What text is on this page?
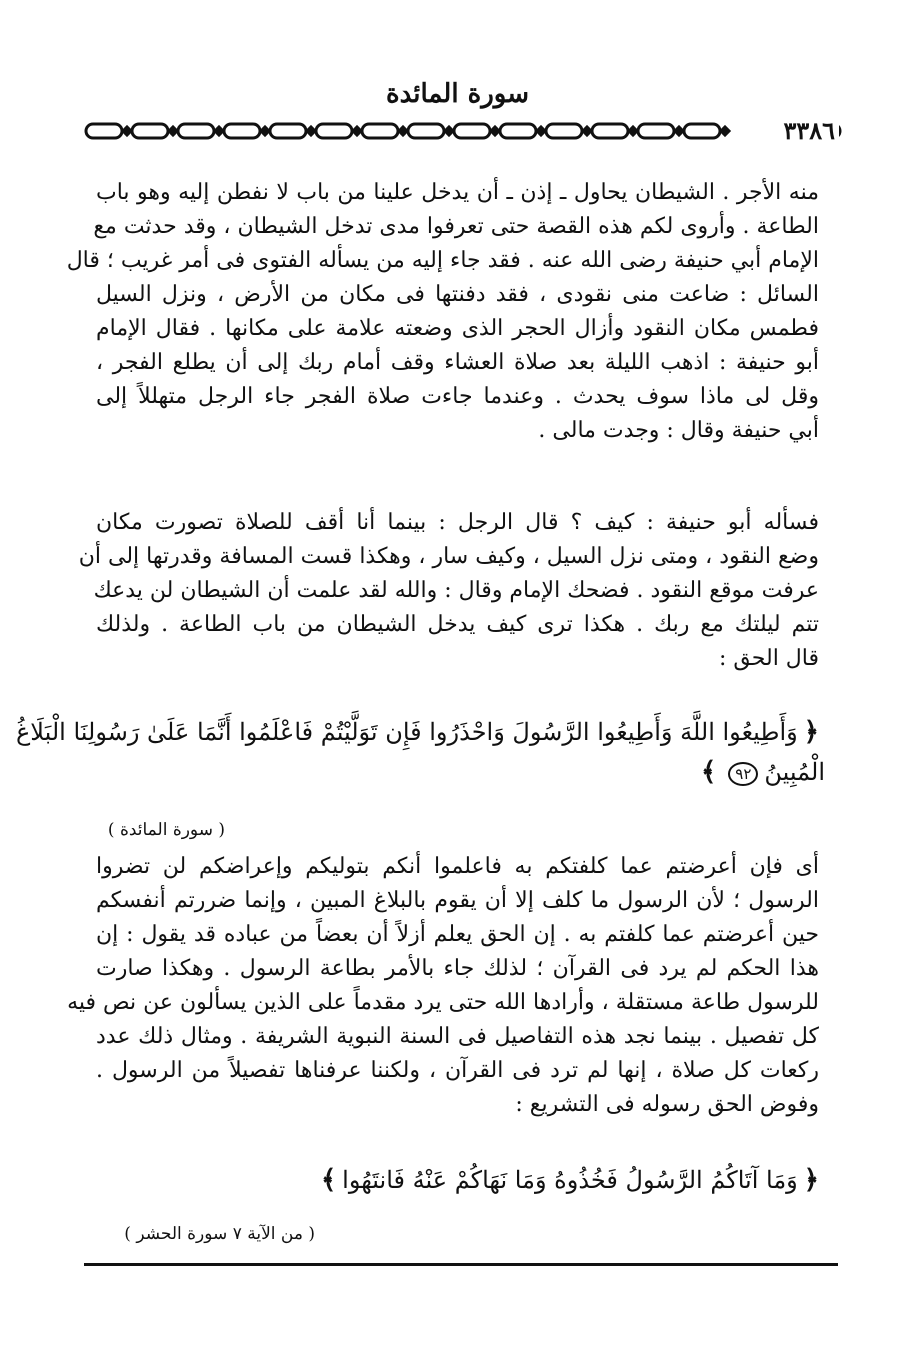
سورة المائدة
٣٣٨٦
منه الأجر . الشيطان يحاول ـ إذن ـ أن يدخل علينا من باب لا نفطن إليه وهو باب
الطاعة . وأروى لكم هذه القصة حتى تعرفوا مدى تدخل الشيطان ، وقد حدثت مع
الإمام أبي حنيفة رضى الله عنه . فقد جاء إليه من يسأله الفتوى فى أمر غريب ؛ قال
السائل : ضاعت منى نقودى ، فقد دفنتها فى مكان من الأرض ، ونزل السيل
فطمس مكان النقود وأزال الحجر الذى وضعته علامة على مكانها . فقال الإمام
أبو حنيفة : اذهب الليلة بعد صلاة العشاء وقف أمام ربك إلى أن يطلع الفجر ،
وقل لى ماذا سوف يحدث . وعندما جاءت صلاة الفجر جاء الرجل متهللاً إلى
أبي حنيفة وقال : وجدت مالى .
فسأله أبو حنيفة : كيف ؟ قال الرجل : بينما أنا أقف للصلاة تصورت مكان
وضع النقود ، ومتى نزل السيل ، وكيف سار ، وهكذا قست المسافة وقدرتها إلى أن
عرفت موقع النقود . فضحك الإمام وقال : والله لقد علمت أن الشيطان لن يدعك
تتم ليلتك مع ربك . هكذا ترى كيف يدخل الشيطان من باب الطاعة . ولذلك
قال الحق :
﴿وَأَطِيعُوا اللَّهَ وَأَطِيعُوا الرَّسُولَ وَاحْذَرُوا فَإِن تَوَلَّيْتُمْ فَاعْلَمُوا أَنَّمَا عَلَىٰ رَسُولِنَا الْبَلَاغُ
الْمُبِينُ٩٢﴾
( سورة المائدة )
أى فإن أعرضتم عما كلفتكم به فاعلموا أنكم بتوليكم وإعراضكم لن تضروا
الرسول ؛ لأن الرسول ما كلف إلا أن يقوم بالبلاغ المبين ، وإنما ضررتم أنفسكم
حين أعرضتم عما كلفتم به . إن الحق يعلم أزلاً أن بعضاً من عباده قد يقول : إن
هذا الحكم لم يرد فى القرآن ؛ لذلك جاء بالأمر بطاعة الرسول . وهكذا صارت
للرسول طاعة مستقلة ، وأرادها الله حتى يرد مقدماً على الذين يسألون عن نص فيه
كل تفصيل . بينما نجد هذه التفاصيل فى السنة النبوية الشريفة . ومثال ذلك عدد
ركعات كل صلاة ، إنها لم ترد فى القرآن ، ولكننا عرفناها تفصيلاً من الرسول .
وفوض الحق رسوله فى التشريع :
﴿وَمَا آتَاكُمُ الرَّسُولُ فَخُذُوهُ وَمَا نَهَاكُمْ عَنْهُ فَانتَهُوا﴾
( من الآية ٧ سورة الحشر )
